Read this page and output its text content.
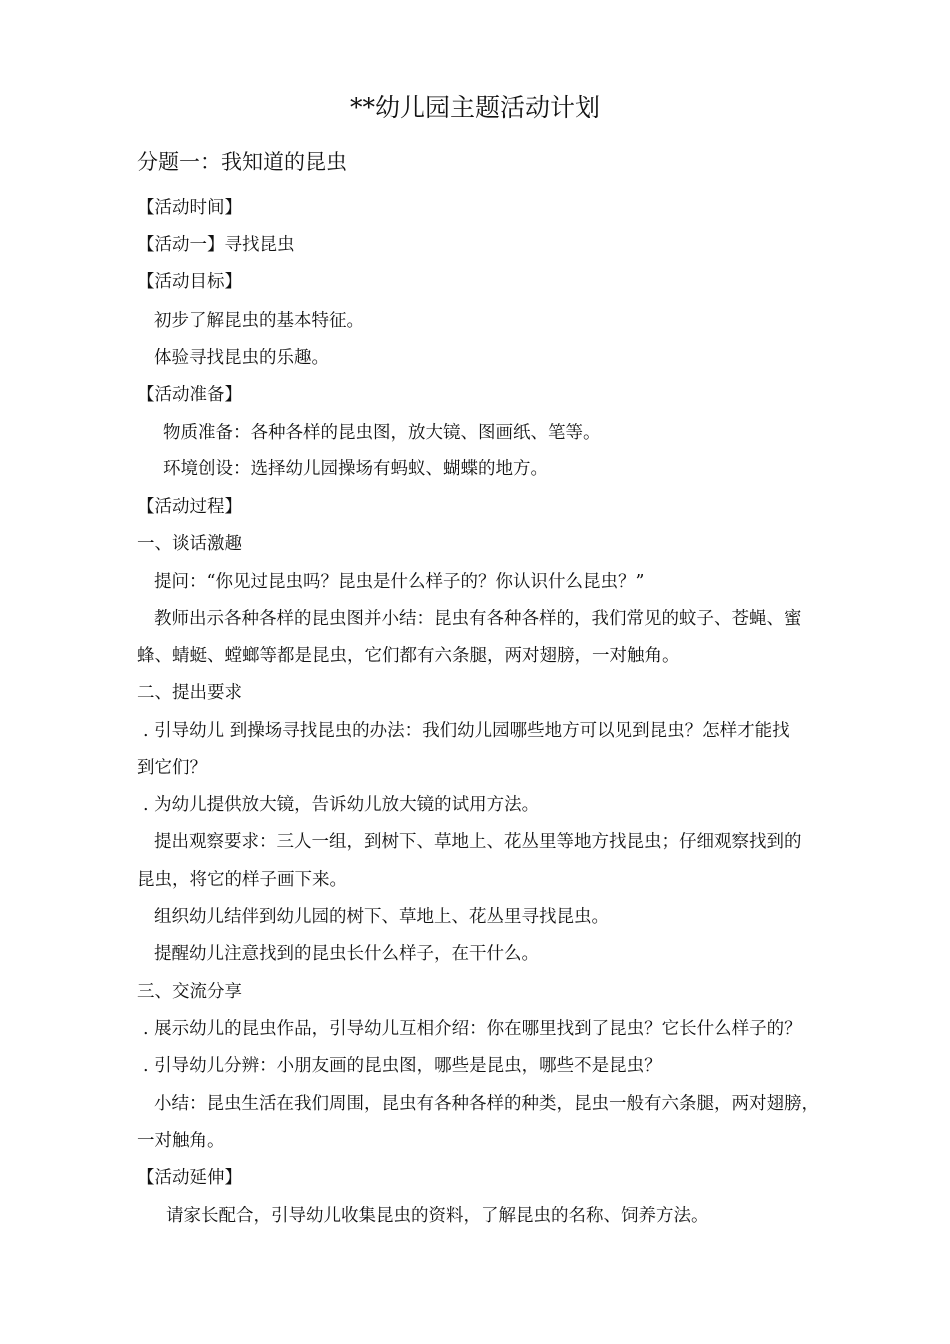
**幼儿园主题活动计划
分题一：我知道的昆虫
【活动时间】
【活动一】寻找昆虫
【活动目标】
初步了解昆虫的基本特征。
体验寻找昆虫的乐趣。
【活动准备】
物质准备：各种各样的昆虫图，放大镜、图画纸、笔等。
环境创设：选择幼儿园操场有蚂蚁、蝴蝶的地方。
【活动过程】
一、谈话激趣
提问：“你见过昆虫吗？昆虫是什么样子的？你认识什么昆虫？”
教师出示各种各样的昆虫图并小结：昆虫有各种各样的，我们常见的蚊子、苍蝇、蜜
蜂、蜻蜓、螳螂等都是昆虫，它们都有六条腿，两对翅膀，一对触角。
二、提出要求
. 引导幼儿 到操场寻找昆虫的办法：我们幼儿园哪些地方可以见到昆虫？怎样才能找
到它们？
. 为幼儿提供放大镜，告诉幼儿放大镜的试用方法。
提出观察要求：三人一组，到树下、草地上、花丛里等地方找昆虫；仔细观察找到的
昆虫，将它的样子画下来。
组织幼儿结伴到幼儿园的树下、草地上、花丛里寻找昆虫。
提醒幼儿注意找到的昆虫长什么样子，在干什么。
三、交流分享
. 展示幼儿的昆虫作品，引导幼儿互相介绍：你在哪里找到了昆虫？它长什么样子的？
. 引导幼儿分辨：小朋友画的昆虫图，哪些是昆虫，哪些不是昆虫？
小结：昆虫生活在我们周围，昆虫有各种各样的种类，昆虫一般有六条腿，两对翅膀，
一对触角。
【活动延伸】
请家长配合，引导幼儿收集昆虫的资料，了解昆虫的名称、饲养方法。
